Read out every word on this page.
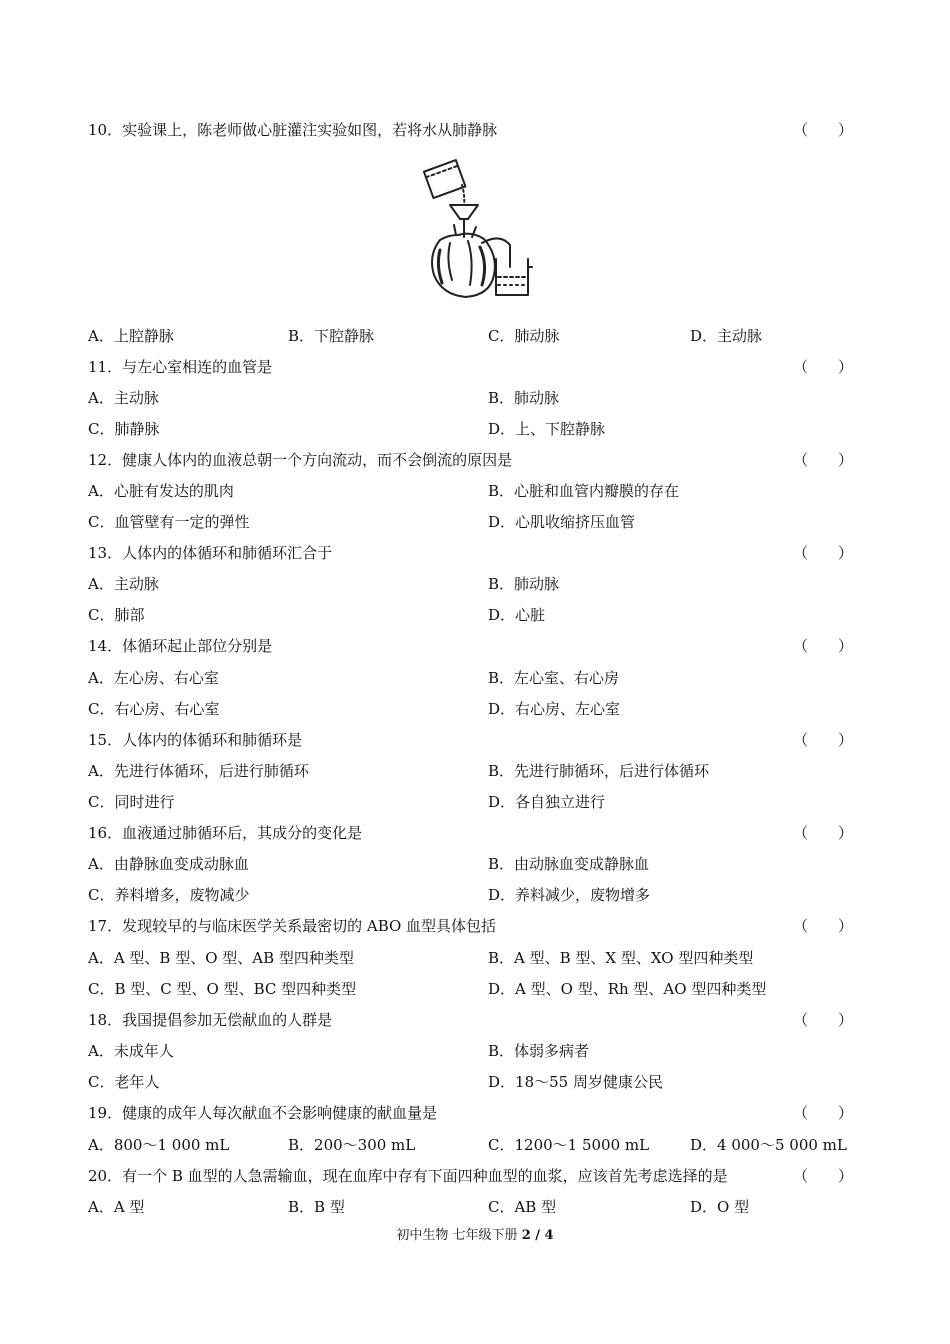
10．实验课上，陈老师做心脏灌注实验如图，若将水从肺静脉	（　　）
A．上腔静脉	B．下腔静脉	C．肺动脉	D．主动脉
11．与左心室相连的血管是	（　　）
A．主动脉	B．肺动脉
C．肺静脉	D．上、下腔静脉
12．健康人体内的血液总朝一个方向流动，而不会倒流的原因是	（　　）
A．心脏有发达的肌肉	B．心脏和血管内瓣膜的存在
C．血管壁有一定的弹性	D．心肌收缩挤压血管
13．人体内的体循环和肺循环汇合于	（　　）
A．主动脉	B．肺动脉
C．肺部	D．心脏
14．体循环起止部位分别是	（　　）
A．左心房、右心室	B．左心室、右心房
C．右心房、右心室	D．右心房、左心室
15．人体内的体循环和肺循环是	（　　）
A．先进行体循环，后进行肺循环	B．先进行肺循环，后进行体循环
C．同时进行	D．各自独立进行
16．血液通过肺循环后，其成分的变化是	（　　）
A．由静脉血变成动脉血	B．由动脉血变成静脉血
C．养料增多，废物减少	D．养料减少，废物增多
17．发现较早的与临床医学关系最密切的 ABO 血型具体包括	（　　）
A．A 型、B 型、O 型、AB 型四种类型	B．A 型、B 型、X 型、XO 型四种类型
C．B 型、C 型、O 型、BC 型四种类型	D．A 型、O 型、Rh 型、AO 型四种类型
18．我国提倡参加无偿献血的人群是	（　　）
A．未成年人	B．体弱多病者
C．老年人	D．18～55 周岁健康公民
19．健康的成年人每次献血不会影响健康的献血量是	（　　）
A．800～1 000 mL	B．200～300 mL	C．1200～1 5000 mL	D．4 000～5 000 mL
20．有一个 B 血型的人急需输血，现在血库中存有下面四种血型的血浆，应该首先考虑选择的是	（　　）
A．A 型	B．B 型	C．AB 型	D．O 型
初中生物 七年级下册 2 / 4
